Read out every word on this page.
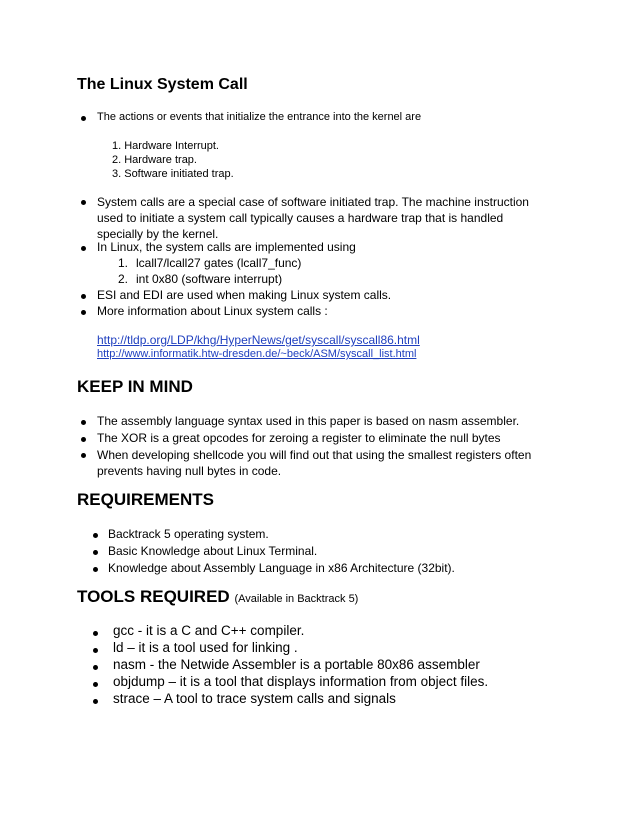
The Linux System Call
The actions or events that initialize the entrance into the kernel are
1. Hardware Interrupt.
2. Hardware trap.
3. Software initiated trap.
System calls are a special case of software initiated trap. The machine instruction used to initiate a system call typically causes a hardware trap that is handled specially by the kernel.
In Linux, the system calls are implemented using
1. lcall7/lcall27 gates (lcall7_func)
2. int 0x80 (software interrupt)
ESI and EDI are used when making Linux system calls.
More information about Linux system calls :
http://tldp.org/LDP/khg/HyperNews/get/syscall/syscall86.html
http://www.informatik.htw-dresden.de/~beck/ASM/syscall_list.html
KEEP IN MIND
The assembly language syntax used in this paper is based on nasm assembler.
The XOR is a great opcodes for zeroing a register to eliminate the null bytes
When developing shellcode you will find out that using the smallest registers often prevents having null bytes in code.
REQUIREMENTS
Backtrack 5 operating system.
Basic Knowledge about Linux Terminal.
Knowledge about Assembly Language in x86 Architecture (32bit).
TOOLS REQUIRED (Available in Backtrack 5)
gcc - it is a C and C++ compiler.
ld – it is a tool used for linking .
nasm - the Netwide Assembler is a portable 80x86 assembler
objdump – it is a tool that displays information from object files.
strace – A tool to trace system calls and signals
